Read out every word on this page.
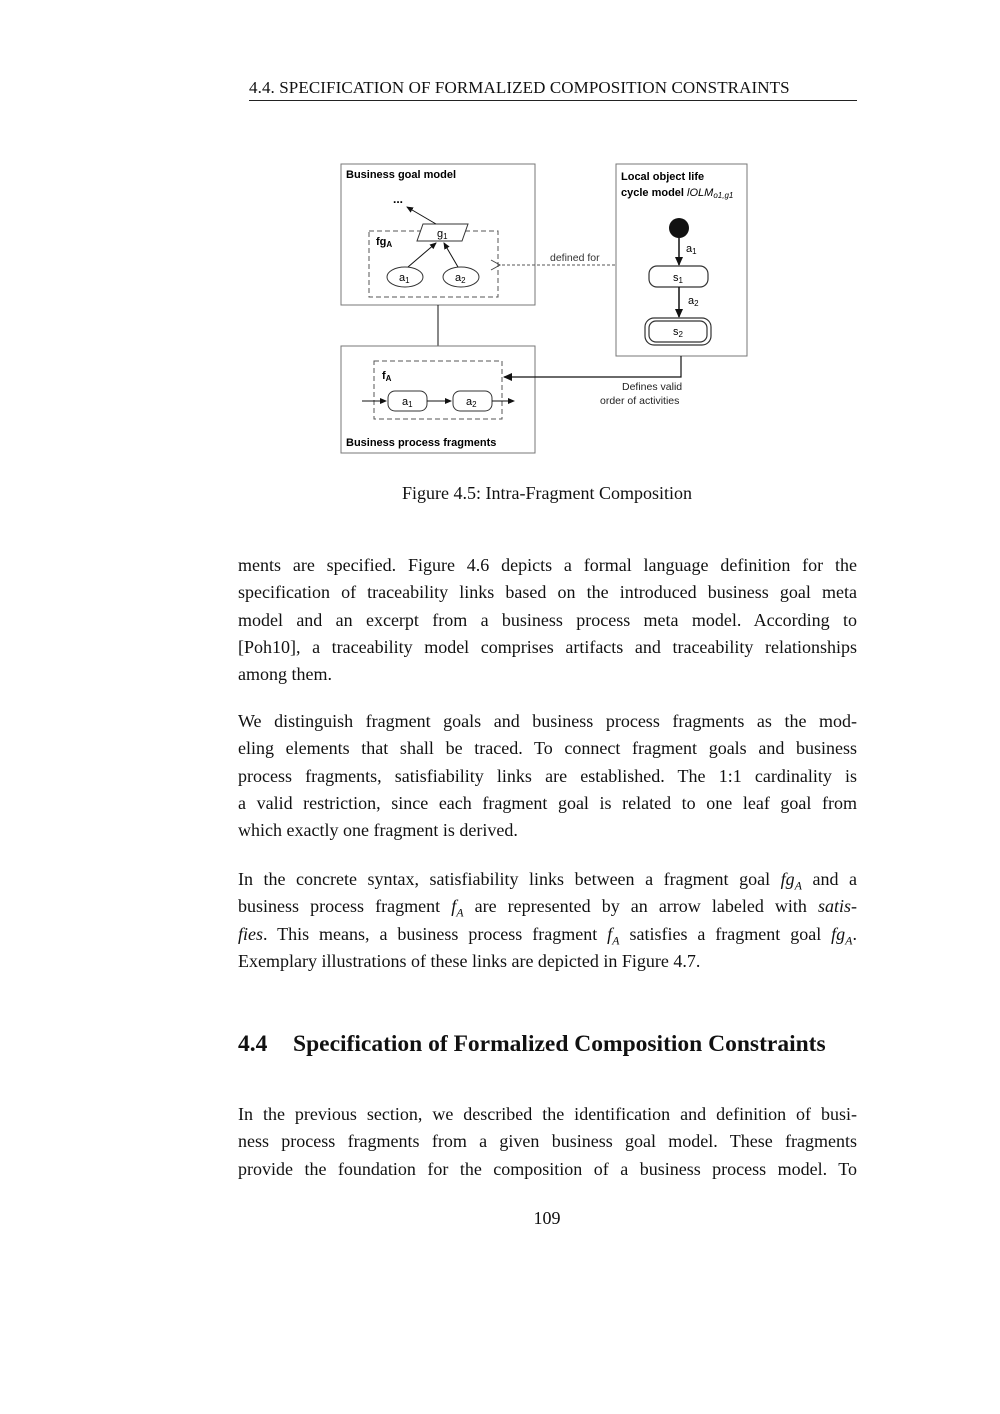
4.4. SPECIFICATION OF FORMALIZED COMPOSITION CONSTRAINTS
Business goal model
...
fgA
g1
a1	a2
defined for
Local object life
cycle model lOLMo1,g1
a1
s1
a2
s2
fA
a1	a2
Business process fragments
Defines valid
order of activities
Figure 4.5: Intra-Fragment Composition
ments are specified. Figure 4.6 depicts a formal language definition for the
specification of traceability links based on the introduced business goal meta
model and an excerpt from a business process meta model. According to
[Poh10], a traceability model comprises artifacts and traceability relationships
among them.
We distinguish fragment goals and business process fragments as the mod-
eling elements that shall be traced. To connect fragment goals and business
process fragments, satisfiability links are established. The 1:1 cardinality is
a valid restriction, since each fragment goal is related to one leaf goal from
which exactly one fragment is derived.
In the concrete syntax, satisfiability links between a fragment goal $fg_A$ and a
business process fragment $f_A$ are represented by an arrow labeled with satis-
fies. This means, a business process fragment $f_A$ satisfies a fragment goal $fg_A$.
Exemplary illustrations of these links are depicted in Figure 4.7.
4.4 Specification of Formalized Composition Constraints
In the previous section, we described the identification and definition of busi-
ness process fragments from a given business goal model. These fragments
provide the foundation for the composition of a business process model. To
109
